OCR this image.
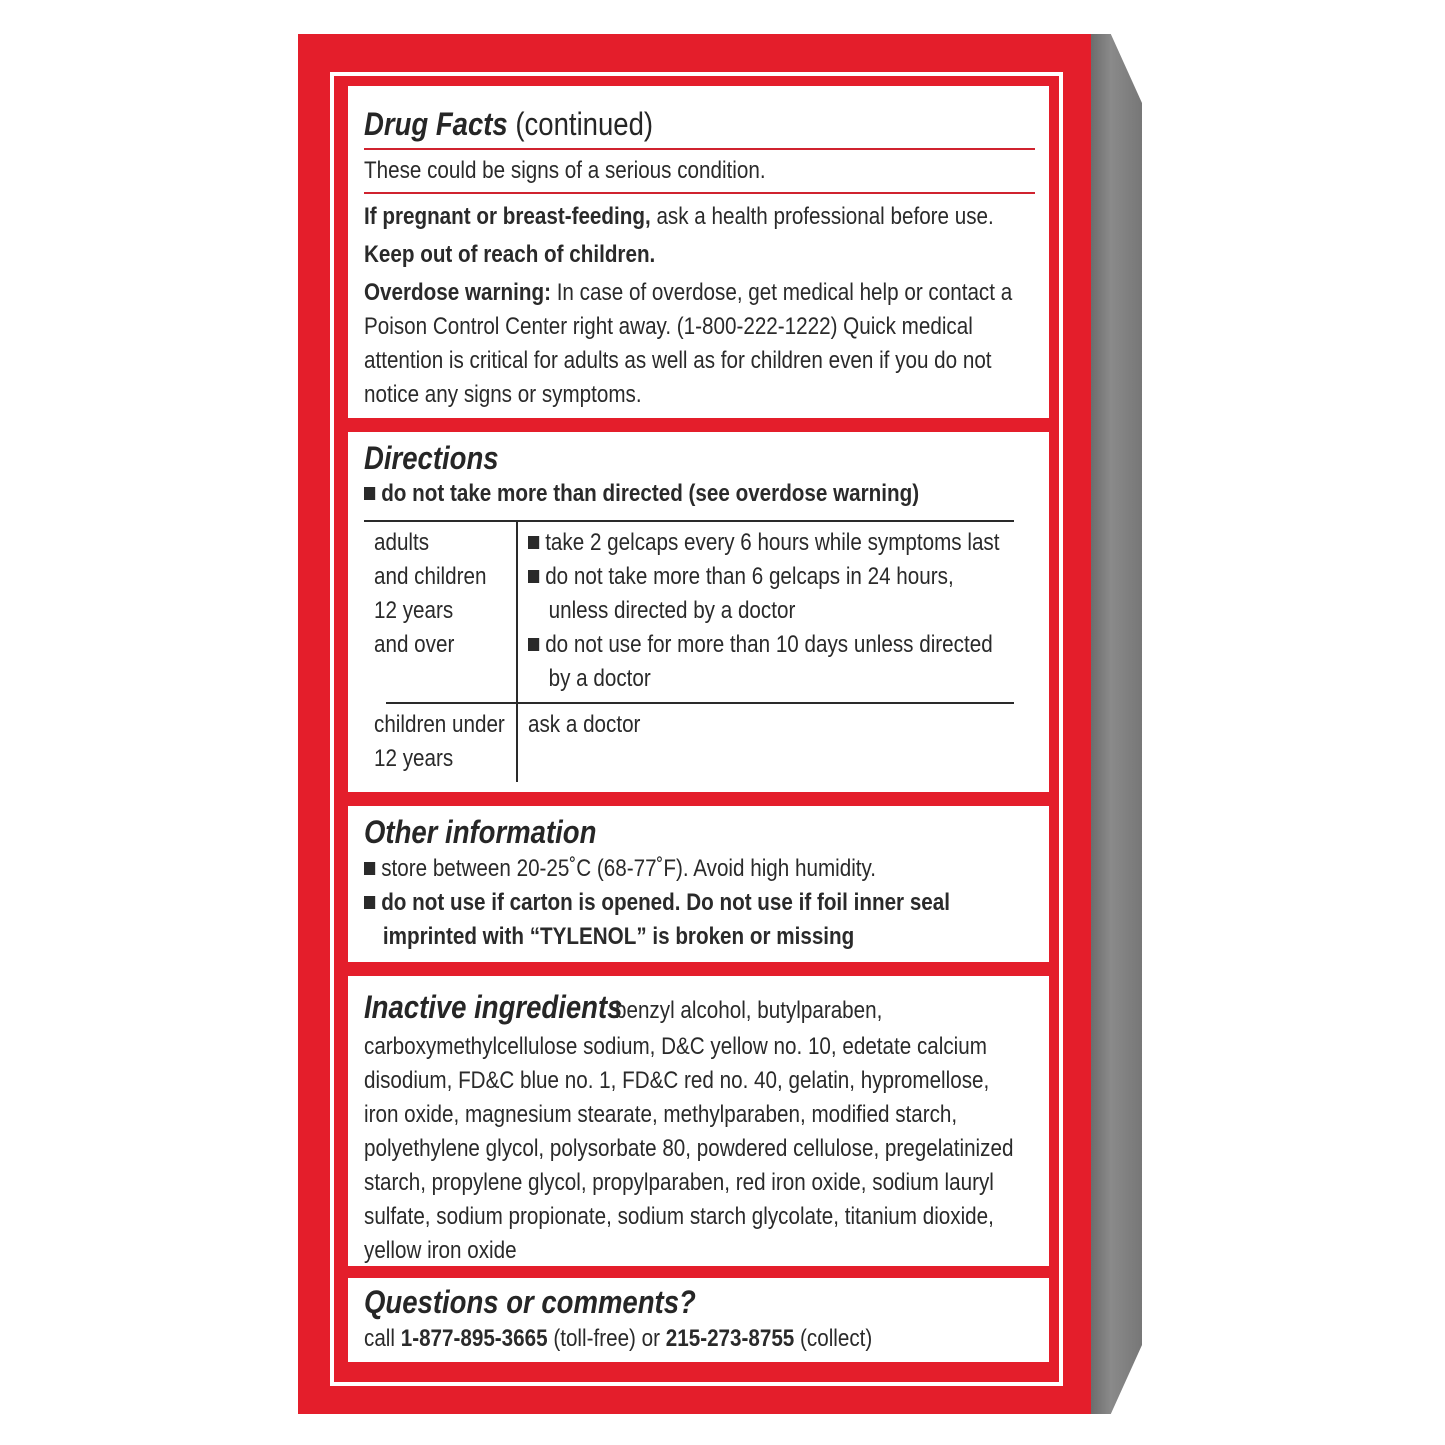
Drug Facts (continued)
These could be signs of a serious condition.
If pregnant or breast-feeding, ask a health professional before use.
Keep out of reach of children.
Overdose warning: In case of overdose, get medical help or contact a
Poison Control Center right away. (1-800-222-1222) Quick medical
attention is critical for adults as well as for children even if you do not
notice any signs or symptoms.
Directions
do not take more than directed (see overdose warning)
adults
and children
12 years
and over
take 2 gelcaps every 6 hours while symptoms last
do not take more than 6 gelcaps in 24 hours,
unless directed by a doctor
do not use for more than 10 days unless directed
by a doctor
children under
12 years
ask a doctor
Other information
store between 20-25˚C (68-77˚F). Avoid high humidity.
do not use if carton is opened. Do not use if foil inner seal
imprinted with “TYLENOL” is broken or missing
Inactive ingredients benzyl alcohol, butylparaben,
carboxymethylcellulose sodium, D&C yellow no. 10, edetate calcium
disodium, FD&C blue no. 1, FD&C red no. 40, gelatin, hypromellose,
iron oxide, magnesium stearate, methylparaben, modified starch,
polyethylene glycol, polysorbate 80, powdered cellulose, pregelatinized
starch, propylene glycol, propylparaben, red iron oxide, sodium lauryl
sulfate, sodium propionate, sodium starch glycolate, titanium dioxide,
yellow iron oxide
Questions or comments?
call 1-877-895-3665 (toll-free) or 215-273-8755 (collect)
